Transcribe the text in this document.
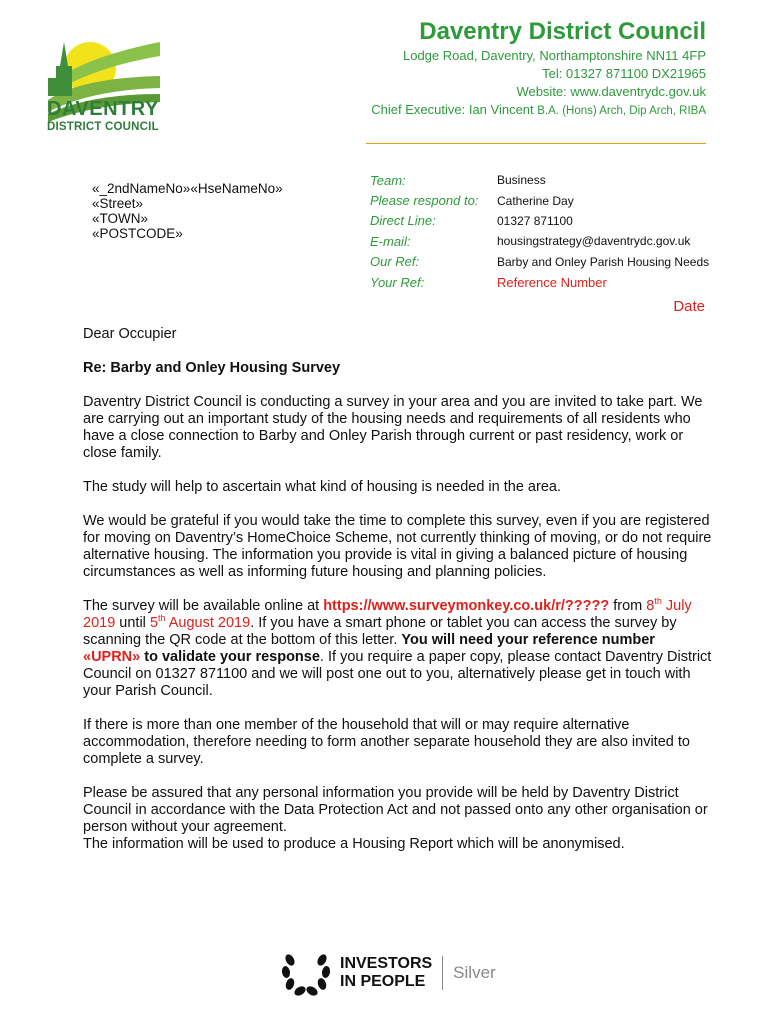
DAVENTRY
DISTRICT COUNCIL
Daventry District Council
Lodge Road, Daventry, Northamptonshire NN11 4FP
Tel: 01327 871100 DX21965
Website: www.daventrydc.gov.uk
Chief Executive: Ian Vincent B.A. (Hons) Arch, Dip Arch, RIBA
«_2ndNameNo»«HseNameNo»
«Street»
«TOWN»
«POSTCODE»
Team:	Business
Please respond to:	Catherine Day
Direct Line:	01327 871100
E-mail:	housingstrategy@daventrydc.gov.uk
Our Ref:	Barby and Onley Parish Housing Needs
Your Ref:	Reference Number
Date

Dear Occupier

Re: Barby and Onley Housing Survey

Daventry District Council is conducting a survey in your area and you are invited to take part. We are carrying out an important study of the housing needs and requirements of all residents who have a close connection to Barby and Onley Parish through current or past residency, work or close family.

The study will help to ascertain what kind of housing is needed in the area.

We would be grateful if you would take the time to complete this survey, even if you are registered for moving on Daventry’s HomeChoice Scheme, not currently thinking of moving, or do not require alternative housing. The information you provide is vital in giving a balanced picture of housing circumstances as well as informing future housing and planning policies.

The survey will be available online at https://www.surveymonkey.co.uk/r/????? from 8th July 2019 until 5th August 2019. If you have a smart phone or tablet you can access the survey by scanning the QR code at the bottom of this letter. You will need your reference number «UPRN» to validate your response. If you require a paper copy, please contact Daventry District Council on 01327 871100 and we will post one out to you, alternatively please get in touch with your Parish Council.

If there is more than one member of the household that will or may require alternative accommodation, therefore needing to form another separate household they are also invited to complete a survey.

Please be assured that any personal information you provide will be held by Daventry District Council in accordance with the Data Protection Act and not passed onto any other organisation or person without your agreement.

The information will be used to produce a Housing Report which will be anonymised.

INVESTORS
IN PEOPLE	Silver
